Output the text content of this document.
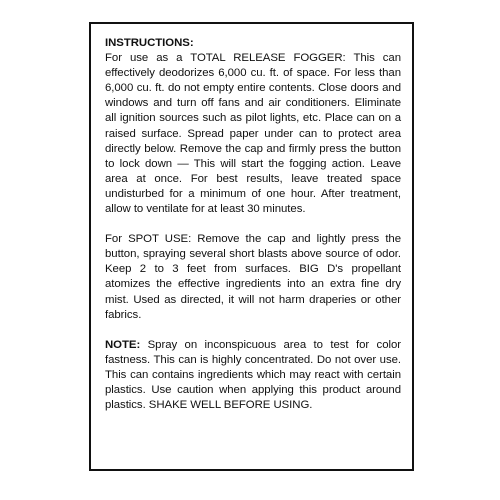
INSTRUCTIONS:
For use as a TOTAL RELEASE FOGGER: This can effectively deodorizes 6,000 cu. ft. of space. For less than 6,000 cu. ft. do not empty entire contents. Close doors and windows and turn off fans and air conditioners. Eliminate all ignition sources such as pilot lights, etc. Place can on a raised surface. Spread paper under can to protect area directly below. Remove the cap and firmly press the button to lock down — This will start the fogging action. Leave area at once. For best results, leave treated space undisturbed for a minimum of one hour. After treatment, allow to ventilate for at least 30 minutes.

For SPOT USE: Remove the cap and lightly press the button, spraying several short blasts above source of odor. Keep 2 to 3 feet from surfaces. BIG D's propellant atomizes the effective ingredients into an extra fine dry mist. Used as directed, it will not harm draperies or other fabrics.

NOTE: Spray on inconspicuous area to test for color fastness. This can is highly concentrated. Do not over use. This can contains ingredients which may react with certain plastics. Use caution when applying this product around plastics. SHAKE WELL BEFORE USING.
